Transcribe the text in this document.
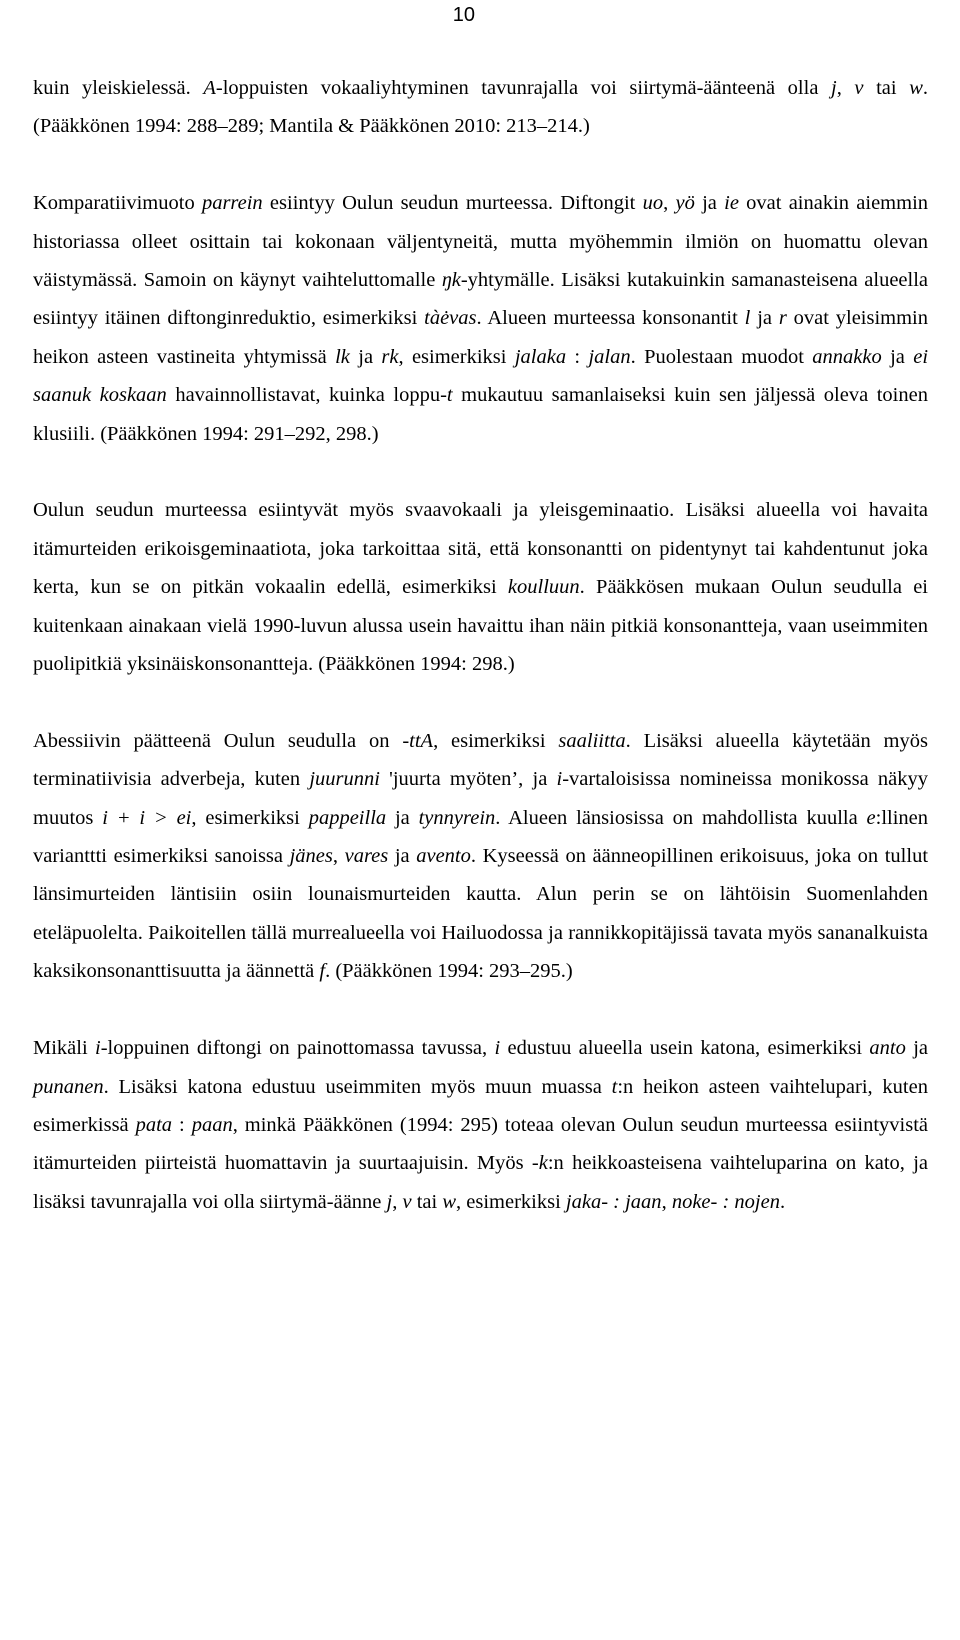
10

kuin yleiskielessä. A-loppuisten vokaaliyhtyminen tavunrajalla voi siirtymä-äänteenä olla j, v tai w. (Pääkkönen 1994: 288–289; Mantila & Pääkkönen 2010: 213–214.)

Komparatiivimuoto parrein esiintyy Oulun seudun murteessa. Diftongit uo, yö ja ie ovat ainakin aiemmin historiassa olleet osittain tai kokonaan väljentyneitä, mutta myöhemmin ilmiön on huomattu olevan väistymässä. Samoin on käynyt vaihteluttomalle ŋk-yhtymälle. Lisäksi kutakuinkin samanasteisena alueella esiintyy itäinen diftonginreduktio, esimerkiksi tàėvas. Alueen murteessa konsonantit l ja r ovat yleisimmin heikon asteen vastineita yhtymissä lk ja rk, esimerkiksi jalaka : jalan. Puolestaan muodot annakko ja ei saanuk koskaan havainnollistavat, kuinka loppu-t mukautuu samanlaiseksi kuin sen jäljessä oleva toinen klusiili. (Pääkkönen 1994: 291–292, 298.)

Oulun seudun murteessa esiintyvät myös svaavokaali ja yleisgeminaatio. Lisäksi alueella voi havaita itämurteiden erikoisgeminaatiota, joka tarkoittaa sitä, että konsonantti on pidentynyt tai kahdentunut joka kerta, kun se on pitkän vokaalin edellä, esimerkiksi koulluun. Pääkkösen mukaan Oulun seudulla ei kuitenkaan ainakaan vielä 1990-luvun alussa usein havaittu ihan näin pitkiä konsonantteja, vaan useimmiten puolipitkiä yksinäiskonsonantteja. (Pääkkönen 1994: 298.)

Abessiivin päätteenä Oulun seudulla on -ttA, esimerkiksi saaliitta. Lisäksi alueella käytetään myös terminatiivisia adverbeja, kuten juurunni 'juurta myöten’, ja i-vartaloisissa nomineissa monikossa näkyy muutos i + i > ei, esimerkiksi pappeilla ja tynnyrein. Alueen länsiosissa on mahdollista kuulla e:llinen varianttti esimerkiksi sanoissa jänes, vares ja avento. Kyseessä on äänneopillinen erikoisuus, joka on tullut länsimurteiden läntisiin osiin lounaismurteiden kautta. Alun perin se on lähtöisin Suomenlahden eteläpuolelta. Paikoitellen tällä murrealueella voi Hailuodossa ja rannikkopitäjissä tavata myös sananalkuista kaksikonsonanttisuutta ja äännettä f. (Pääkkönen 1994: 293–295.)

Mikäli i-loppuinen diftongi on painottomassa tavussa, i edustuu alueella usein katona, esimerkiksi anto ja punanen. Lisäksi katona edustuu useimmiten myös muun muassa t:n heikon asteen vaihtelupari, kuten esimerkissä pata : paan, minkä Pääkkönen (1994: 295) toteaa olevan Oulun seudun murteessa esiintyvistä itämurteiden piirteistä huomattavin ja suurtaajuisin. Myös -k:n heikkoasteisena vaihteluparina on kato, ja lisäksi tavunrajalla voi olla siirtymä-äänne j, v tai w, esimerkiksi jaka- : jaan, noke- : nojen.
